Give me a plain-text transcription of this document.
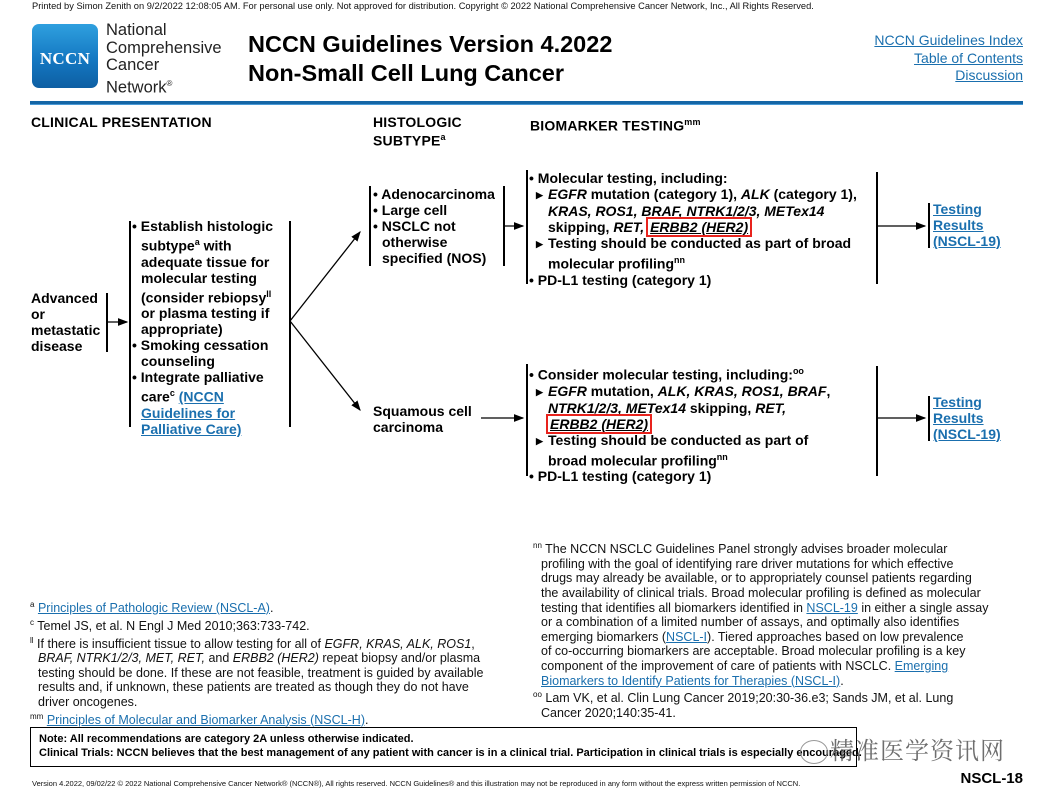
Printed by Simon Zenith on 9/2/2022 12:08:05 AM. For personal use only. Not approved for distribution. Copyright © 2022 National Comprehensive Cancer Network, Inc., All Rights Reserved.
NCCN
National
Comprehensive
Cancer
Network®
NCCN Guidelines Version 4.2022
Non-Small Cell Lung Cancer
NCCN Guidelines Index
Table of Contents
Discussion
CLINICAL PRESENTATION	HISTOLOGIC
SUBTYPE$^a$
BIOMARKER $TESTING^{mm}$
Advanced
or
metastatic
disease
• Establish histologic
subtype$^a$ with
adequate tissue for
molecular testing
(consider rebiopsy$^{ll}$
or plasma testing if
appropriate)
• Smoking cessation
counseling
• Integrate palliative
care$^c$ (NCCN
Guidelines for
Palliative Care)
• Adenocarcinoma
• Large cell
• NSCLC not
otherwise
specified (NOS)
Squamous cell
carcinoma
• Molecular testing, including:
▶ EGFR mutation (category 1), ALK (category 1),
KRAS, ROS1, BRAF, NTRK1/2/3, METex14
skipping, RET, ERBB2 (HER2)
▶ Testing should be conducted as part of broad
molecular profiling$^{nn}$
• PD-L1 testing (category 1)
• Consider molecular testing, including:$^{oo}$
▶ EGFR mutation, ALK, KRAS, ROS1, BRAF,
NTRK1/2/3, METex14 skipping, RET,
ERBB2 (HER2)
▶ Testing should be conducted as part of
broad molecular profiling$^{nn}$
• PD-L1 testing (category 1)
Testing
Results
(NSCL-19)
Testing
Results
(NSCL-19)
$^a$ Principles of Pathologic Review (NSCL-A).
$^c$ Temel JS, et al. N Engl J Med 2010;363:733-742.
$^{ll}$ If there is insufficient tissue to allow testing for all of EGFR, KRAS, ALK, ROS1,
BRAF, NTRK1/2/3, MET, RET, and ERBB2 (HER2) repeat biopsy and/or plasma
testing should be done. If these are not feasible, treatment is guided by available
results and, if unknown, these patients are treated as though they do not have
driver oncogenes.
$^{mm}$ Principles of Molecular and Biomarker Analysis (NSCL-H).
$^{nn}$ The NCCN NSCLC Guidelines Panel strongly advises broader molecular
profiling with the goal of identifying rare driver mutations for which effective
drugs may already be available, or to appropriately counsel patients regarding
the availability of clinical trials. Broad molecular profiling is defined as molecular
testing that identifies all biomarkers identified in NSCL-19 in either a single assay
or a combination of a limited number of assays, and optimally also identifies
emerging biomarkers (NSCL-I). Tiered approaches based on low prevalence
of co-occurring biomarkers are acceptable. Broad molecular profiling is a key
component of the improvement of care of patients with NSCLC. Emerging
Biomarkers to Identify Patients for Therapies (NSCL-I).
$^{oo}$ Lam VK, et al. Clin Lung Cancer 2019;20:30-36.e3; Sands JM, et al. Lung
Cancer 2020;140:35-41.
Note: All recommendations are category 2A unless otherwise indicated.
Clinical Trials: NCCN believes that the best management of any patient with cancer is in a clinical trial. Participation in clinical trials is especially encouraged.
精准医学资讯网
Version 4.2022, 09/02/22 © 2022 National Comprehensive Cancer Network® (NCCN®), All rights reserved. NCCN Guidelines® and this illustration may not be reproduced in any form without the express written permission of NCCN.	NSCL-18
